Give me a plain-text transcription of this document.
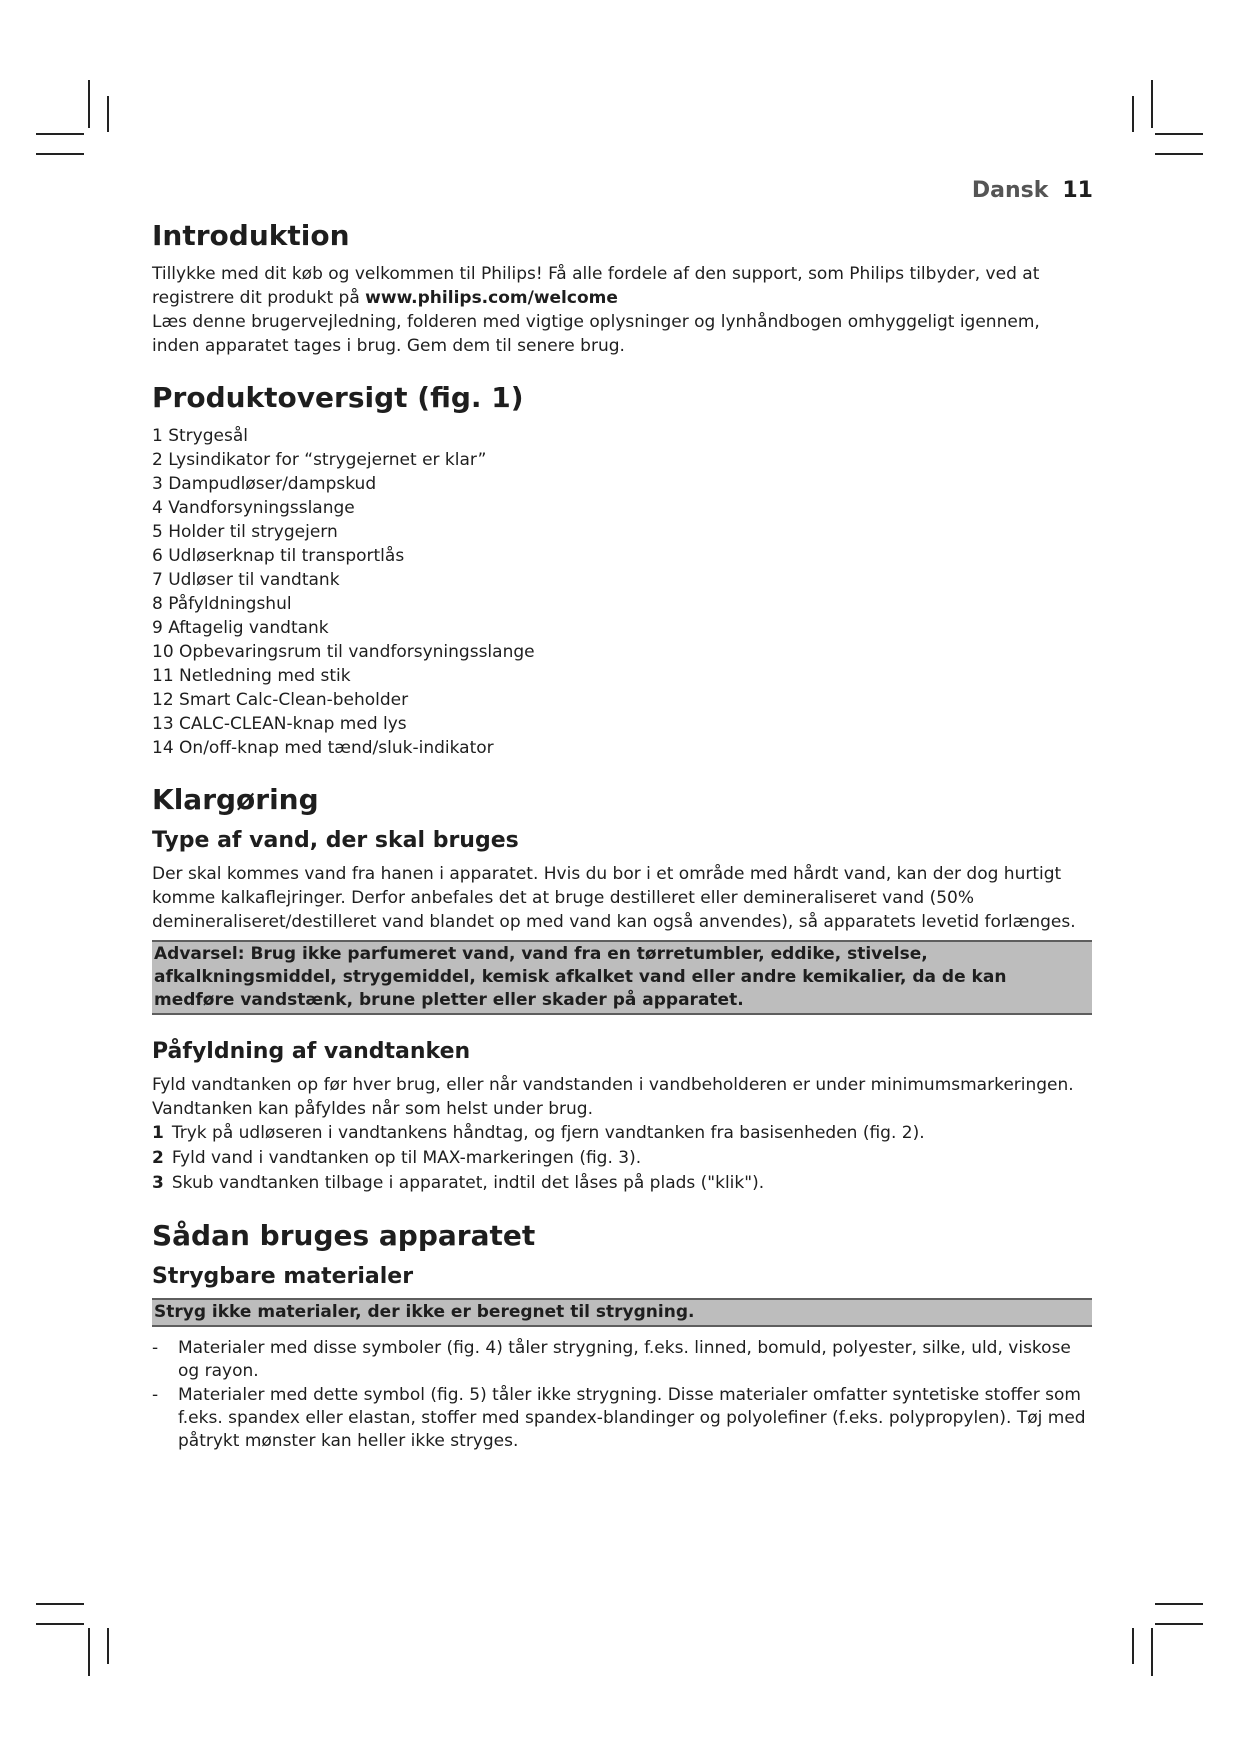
Dansk 11
Introduktion

Tillykke med dit køb og velkommen til Philips! Få alle fordele af den support, som Philips tilbyder, ved at registrere dit produkt på www.philips.com/welcome

Læs denne brugervejledning, folderen med vigtige oplysninger og lynhåndbogen omhyggeligt igennem, inden apparatet tages i brug. Gem dem til senere brug.

Produktoversigt (fig. 1)
1 Strygesål
2 Lysindikator for “strygejernet er klar”
3 Dampudløser/dampskud
4 Vandforsyningsslange
5 Holder til strygejern
6 Udløserknap til transportlås
7 Udløser til vandtank
8 Påfyldningshul
9 Aftagelig vandtank
10 Opbevaringsrum til vandforsyningsslange
11 Netledning med stik
12 Smart Calc-Clean-beholder
13 CALC-CLEAN-knap med lys
14 On/off-knap med tænd/sluk-indikator
Klargøring
Type af vand, der skal bruges

Der skal kommes vand fra hanen i apparatet. Hvis du bor i et område med hårdt vand, kan der dog hurtigt komme kalkaflejringer. Derfor anbefales det at bruge destilleret eller demineraliseret vand (50% demineraliseret/destilleret vand blandet op med vand kan også anvendes), så apparatets levetid forlænges.

Advarsel: Brug ikke parfumeret vand, vand fra en tørretumbler, eddike, stivelse, afkalkningsmiddel, strygemiddel, kemisk afkalket vand eller andre kemikalier, da de kan medføre vandstænk, brune pletter eller skader på apparatet.
Påfyldning af vandtanken

Fyld vandtanken op før hver brug, eller når vandstanden i vandbeholderen er under minimumsmarkeringen. Vandtanken kan påfyldes når som helst under brug.

1 Tryk på udløseren i vandtankens håndtag, og fjern vandtanken fra basisenheden (fig. 2).
2 Fyld vand i vandtanken op til MAX-markeringen (fig. 3).
3 Skub vandtanken tilbage i apparatet, indtil det låses på plads ("klik").
Sådan bruges apparatet
Strygbare materialer
Stryg ikke materialer, der ikke er beregnet til strygning.
- Materialer med disse symboler (fig. 4) tåler strygning, f.eks. linned, bomuld, polyester, silke, uld, viskose og rayon.
- Materialer med dette symbol (fig. 5) tåler ikke strygning. Disse materialer omfatter syntetiske stoffer som f.eks. spandex eller elastan, stoffer med spandex-blandinger og polyolefiner (f.eks. polypropylen). Tøj med påtrykt mønster kan heller ikke stryges.
